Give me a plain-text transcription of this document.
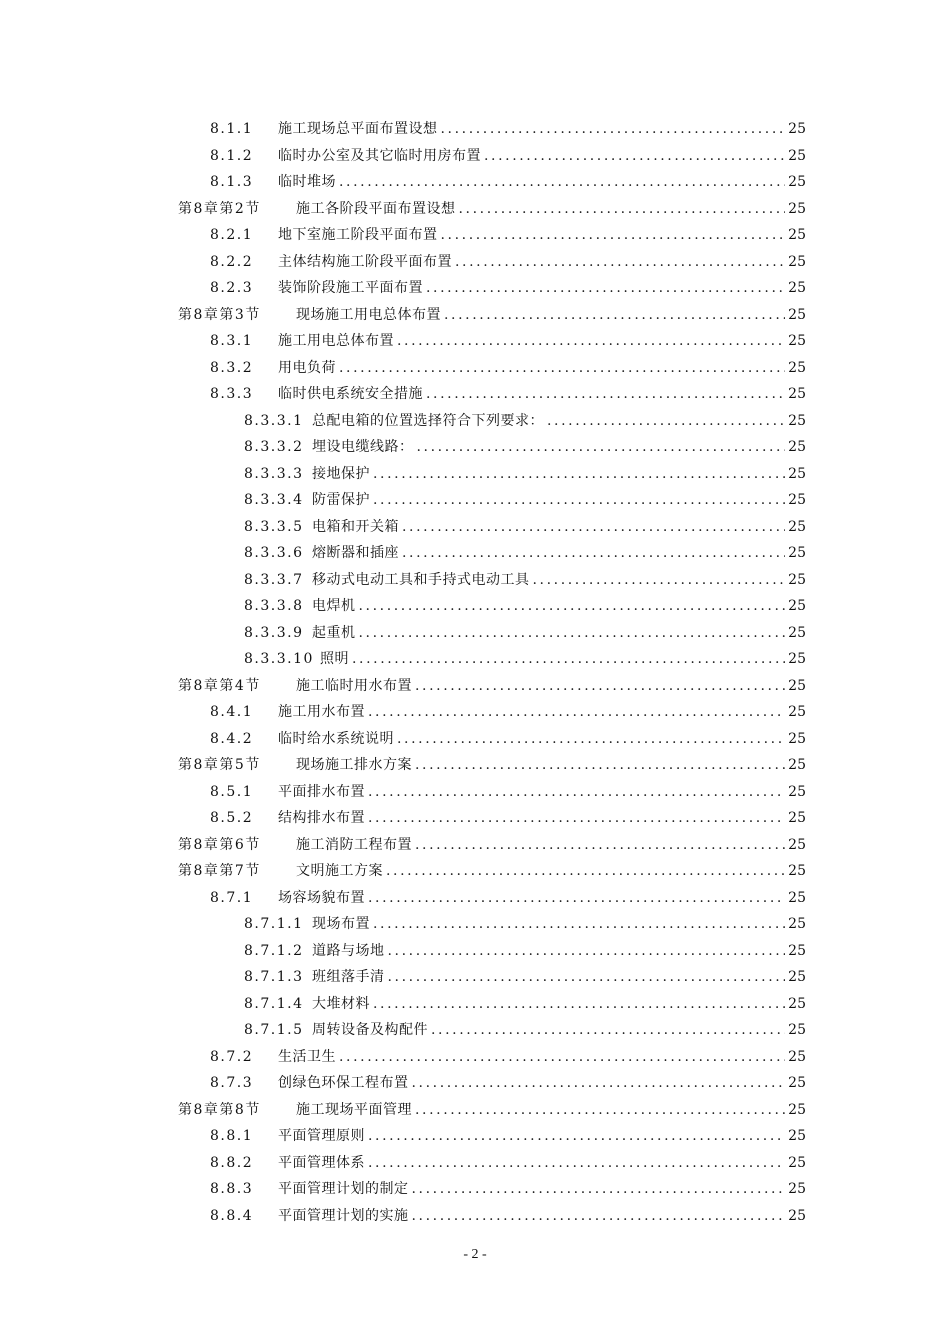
8.1.1	施工现场总平面布置设想 .....	25
8.1.2	临时办公室及其它临时用房布置 .....	25
8.1.3	临时堆场 .....	25
第8章第2节	施工各阶段平面布置设想 .....	25
8.2.1	地下室施工阶段平面布置 .....	25
8.2.2	主体结构施工阶段平面布置 .....	25
8.2.3	装饰阶段施工平面布置 .....	25
第8章第3节	现场施工用电总体布置 .....	25
8.3.1	施工用电总体布置 .....	25
8.3.2	用电负荷 .....	25
8.3.3	临时供电系统安全措施 .....	25
8.3.3.1 总配电箱的位置选择符合下列要求： .....	25
8.3.3.2 埋设电缆线路： .....	25
8.3.3.3 接地保护 .....	25
8.3.3.4 防雷保护 .....	25
8.3.3.5 电箱和开关箱 .....	25
8.3.3.6 熔断器和插座 .....	25
8.3.3.7 移动式电动工具和手持式电动工具 .....	25
8.3.3.8 电焊机 .....	25
8.3.3.9 起重机 .....	25
8.3.3.10 照明 .....	25
第8章第4节	施工临时用水布置 .....	25
8.4.1	施工用水布置 .....	25
8.4.2	临时给水系统说明 .....	25
第8章第5节	现场施工排水方案 .....	25
8.5.1	平面排水布置 .....	25
8.5.2	结构排水布置 .....	25
第8章第6节	施工消防工程布置 .....	25
第8章第7节	文明施工方案 .....	25
8.7.1	场容场貌布置 .....	25
8.7.1.1 现场布置 .....	25
8.7.1.2 道路与场地 .....	25
8.7.1.3 班组落手清 .....	25
8.7.1.4 大堆材料 .....	25
8.7.1.5 周转设备及构配件 .....	25
8.7.2	生活卫生 .....	25
8.7.3	创绿色环保工程布置 .....	25
第8章第8节	施工现场平面管理 .....	25
8.8.1	平面管理原则 .....	25
8.8.2	平面管理体系 .....	25
8.8.3	平面管理计划的制定 .....	25
8.8.4	平面管理计划的实施 .....	25
- 2 -
